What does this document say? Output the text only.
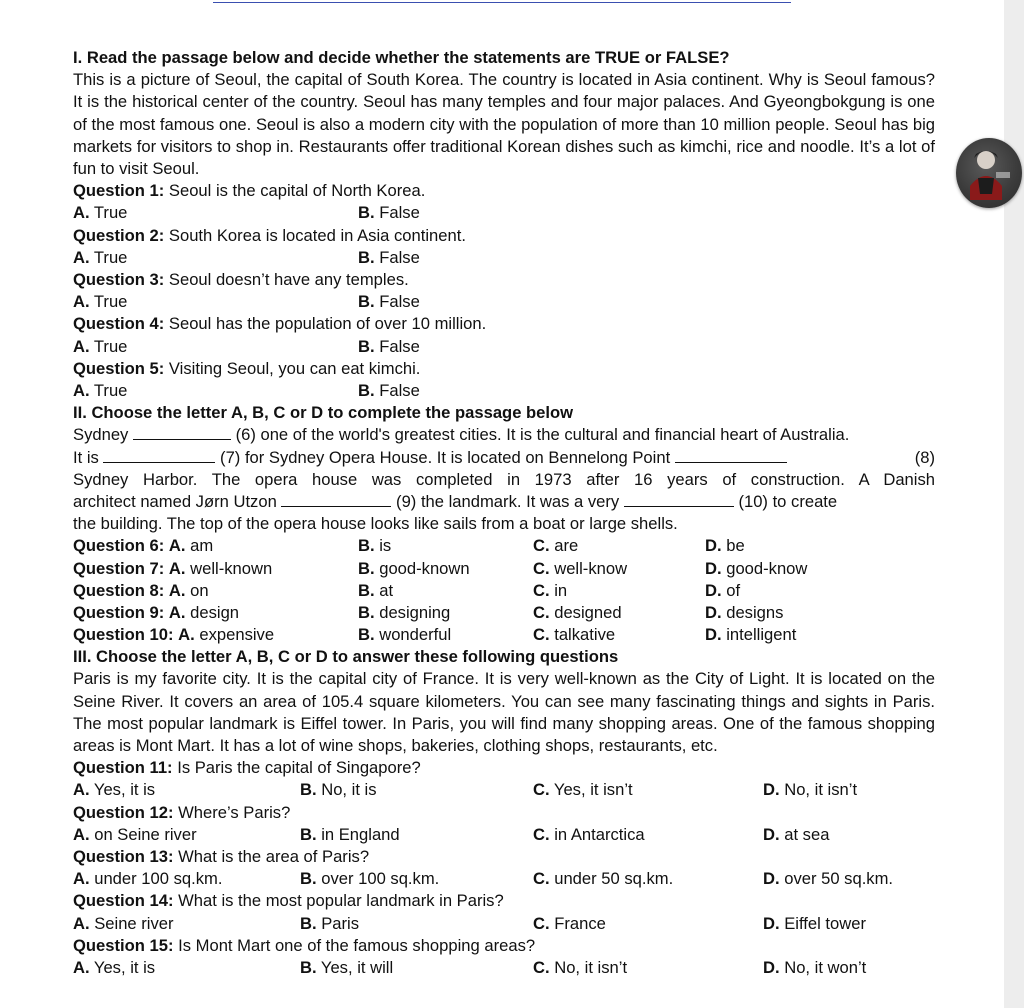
I. Read the passage below and decide whether the statements are TRUE or FALSE?

This is a picture of Seoul, the capital of South Korea. The country is located in Asia continent. Why is Seoul famous? It is the historical center of the country. Seoul has many temples and four major palaces. And Gyeongbokgung is one of the most famous one. Seoul is also a modern city with the population of more than 10 million people. Seoul has big markets for visitors to shop in. Restaurants offer traditional Korean dishes such as kimchi, rice and noodle. It’s a lot of fun to visit Seoul.

Question 1: Seoul is the capital of North Korea.
A. True	B. False
Question 2: South Korea is located in Asia continent.
A. True	B. False
Question 3: Seoul doesn’t have any temples.
A. True	B. False
Question 4: Seoul has the population of over 10 million.
A. True	B. False
Question 5: Visiting Seoul, you can eat kimchi.
A. True	B. False
II. Choose the letter A, B, C or D to complete the passage below
Sydney	(6) one of the world's greatest cities. It is the cultural and financial heart of Australia.
It is	(7) for Sydney Opera House. It is located on Bennelong Point	(8)
Sydney Harbor. The opera house was completed in 1973 after 16 years of construction. A Danish
architect named Jørn Utzon	(9) the landmark. It was a very	(10) to create
the building. The top of the opera house looks like sails from a boat or large shells.
Question 6: A. am	B. is	C. are	D. be
Question 7: A. well-known	B. good-known	C. well-know	D. good-know
Question 8: A. on	B. at	C. in	D. of
Question 9: A. design	B. designing	C. designed	D. designs
Question 10: A. expensive	B. wonderful	C. talkative	D. intelligent
III. Choose the letter A, B, C or D to answer these following questions

Paris is my favorite city. It is the capital city of France. It is very well-known as the City of Light. It is located on the Seine River. It covers an area of 105.4 square kilometers. You can see many fascinating things and sights in Paris. The most popular landmark is Eiffel tower. In Paris, you will find many shopping areas. One of the famous shopping areas is Mont Mart. It has a lot of wine shops, bakeries, clothing shops, restaurants, etc.

Question 11: Is Paris the capital of Singapore?
A. Yes, it is	B. No, it is	C. Yes, it isn’t	D. No, it isn’t
Question 12: Where’s Paris?
A. on Seine river	B. in England	C. in Antarctica	D. at sea
Question 13: What is the area of Paris?
A. under 100 sq.km.	B. over 100 sq.km.	C. under 50 sq.km.	D. over 50 sq.km.
Question 14: What is the most popular landmark in Paris?
A. Seine river	B. Paris	C. France	D. Eiffel tower
Question 15: Is Mont Mart one of the famous shopping areas?
A. Yes, it is	B. Yes, it will	C. No, it isn’t	D. No, it won’t
